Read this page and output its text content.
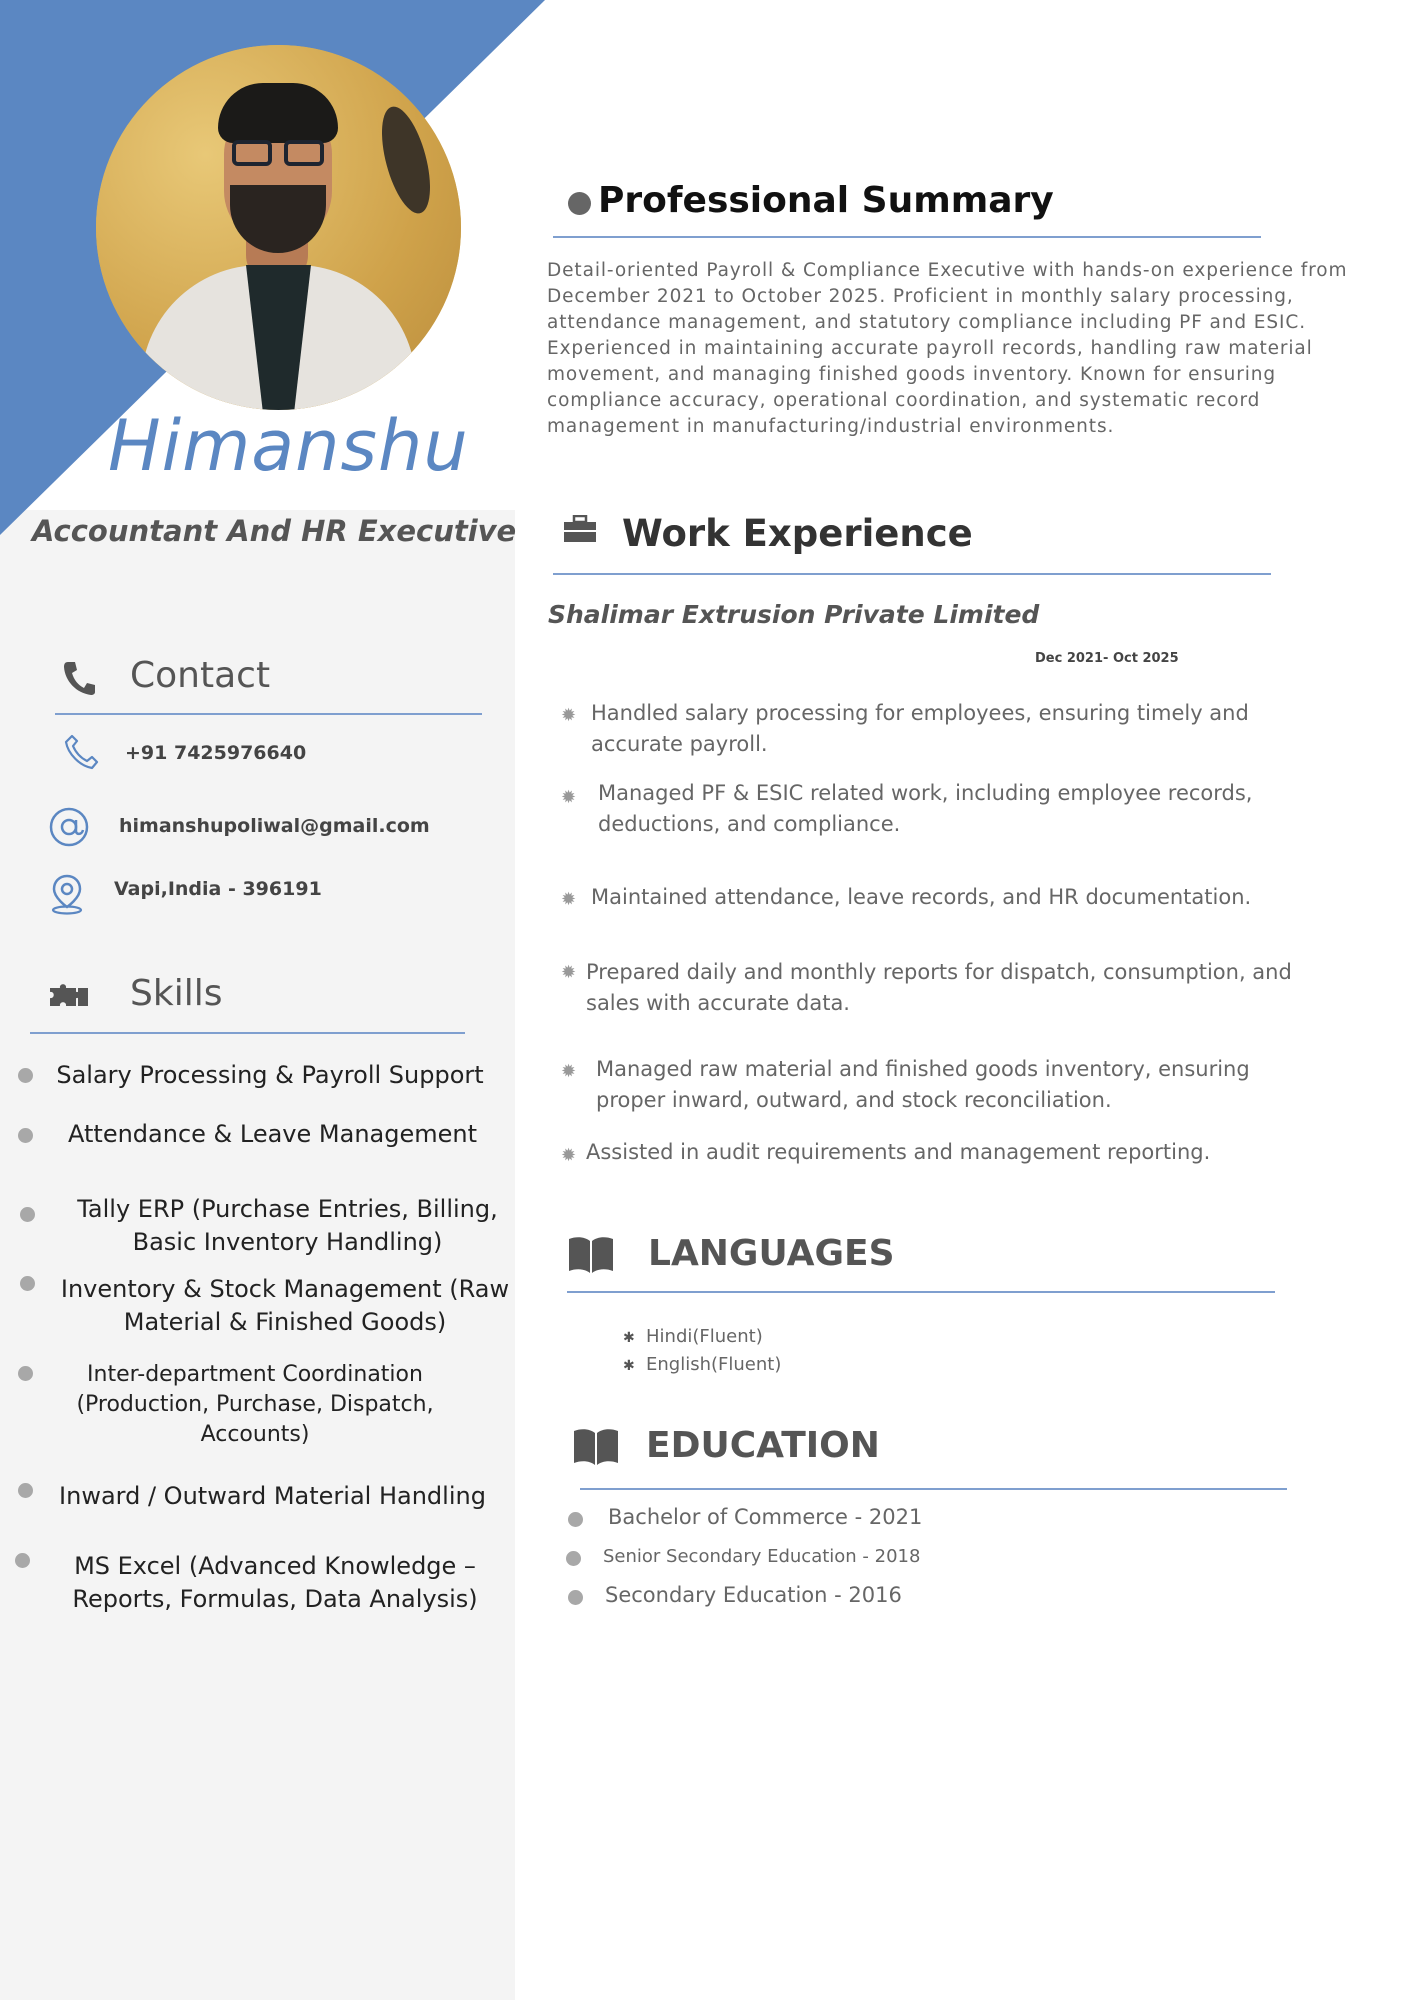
Himanshu
Accountant And HR Executive
Contact
+91 7425976640
himanshupoliwal@gmail.com
Vapi,India - 396191
Skills
Salary Processing & Payroll Support
Attendance & Leave Management
Tally ERP (Purchase Entries, Billing, Basic Inventory Handling)
Inventory & Stock Management (Raw Material & Finished Goods)
Inter-department Coordination (Production, Purchase, Dispatch, Accounts)
Inward / Outward Material Handling
MS Excel (Advanced Knowledge – Reports, Formulas, Data Analysis)
Professional Summary
Detail-oriented Payroll & Compliance Executive with hands-on experience from December 2021 to October 2025. Proficient in monthly salary processing, attendance management, and statutory compliance including PF and ESIC. Experienced in maintaining accurate payroll records, handling raw material movement, and managing finished goods inventory. Known for ensuring compliance accuracy, operational coordination, and systematic record management in manufacturing/industrial environments.
Work Experience
Shalimar Extrusion Private Limited
Dec 2021- Oct 2025
✹ Handled salary processing for employees, ensuring timely and accurate payroll.
✹ Managed PF & ESIC related work, including employee records, deductions, and compliance.
✹ Maintained attendance, leave records, and HR documentation.
✹ Prepared daily and monthly reports for dispatch, consumption, and sales with accurate data.
✹ Managed raw material and finished goods inventory, ensuring proper inward, outward, and stock reconciliation.
✹ Assisted in audit requirements and management reporting.
LANGUAGES
✱ Hindi(Fluent)
✱ English(Fluent)
EDUCATION
Bachelor of Commerce - 2021
Senior Secondary Education - 2018
Secondary Education - 2016
